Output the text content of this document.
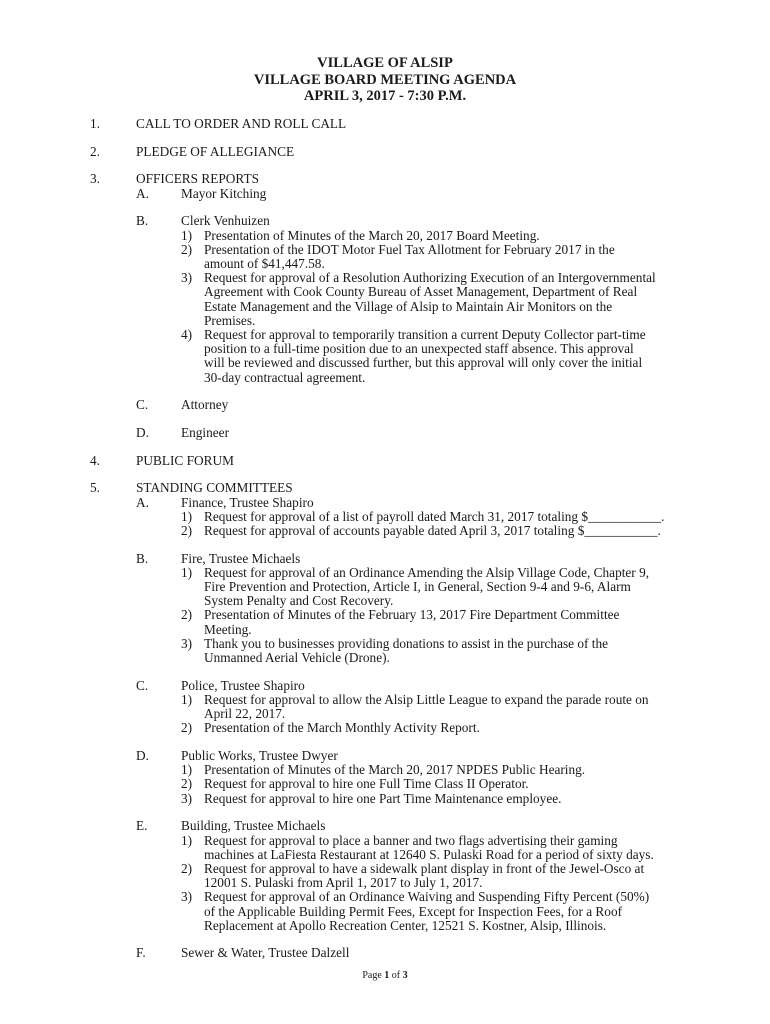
VILLAGE OF ALSIP
VILLAGE BOARD MEETING AGENDA
APRIL 3, 2017 - 7:30 P.M.
1.	CALL TO ORDER AND ROLL CALL
2.	PLEDGE OF ALLEGIANCE
3.	OFFICERS REPORTS
A. Mayor Kitching
B. Clerk Venhuizen
1) Presentation of Minutes of the March 20, 2017 Board Meeting.
2) Presentation of the IDOT Motor Fuel Tax Allotment for February 2017 in the
amount of $41,447.58.
3) Request for approval of a Resolution Authorizing Execution of an Intergovernmental
Agreement with Cook County Bureau of Asset Management, Department of Real
Estate Management and the Village of Alsip to Maintain Air Monitors on the
Premises.
4) Request for approval to temporarily transition a current Deputy Collector part-time
position to a full-time position due to an unexpected staff absence. This approval
will be reviewed and discussed further, but this approval will only cover the initial
30-day contractual agreement.
C. Attorney
D. Engineer
4.	PUBLIC FORUM
5.	STANDING COMMITTEES
A. Finance, Trustee Shapiro
1) Request for approval of a list of payroll dated March 31, 2017 totaling $___________.
2) Request for approval of accounts payable dated April 3, 2017 totaling $___________.
B. Fire, Trustee Michaels
1) Request for approval of an Ordinance Amending the Alsip Village Code, Chapter 9,
Fire Prevention and Protection, Article I, in General, Section 9-4 and 9-6, Alarm
System Penalty and Cost Recovery.
2) Presentation of Minutes of the February 13, 2017 Fire Department Committee
Meeting.
3) Thank you to businesses providing donations to assist in the purchase of the
Unmanned Aerial Vehicle (Drone).
C. Police, Trustee Shapiro
1) Request for approval to allow the Alsip Little League to expand the parade route on
April 22, 2017.
2) Presentation of the March Monthly Activity Report.
D. Public Works, Trustee Dwyer
1) Presentation of Minutes of the March 20, 2017 NPDES Public Hearing.
2) Request for approval to hire one Full Time Class II Operator.
3) Request for approval to hire one Part Time Maintenance employee.
E.	Building, Trustee Michaels
1) Request for approval to place a banner and two flags advertising their gaming
machines at LaFiesta Restaurant at 12640 S. Pulaski Road for a period of sixty days.
2) Request for approval to have a sidewalk plant display in front of the Jewel-Osco at
12001 S. Pulaski from April 1, 2017 to July 1, 2017.
3) Request for approval of an Ordinance Waiving and Suspending Fifty Percent (50%)
of the Applicable Building Permit Fees, Except for Inspection Fees, for a Roof
Replacement at Apollo Recreation Center, 12521 S. Kostner, Alsip, Illinois.
F.	Sewer & Water, Trustee Dalzell
Page 1 of 3
